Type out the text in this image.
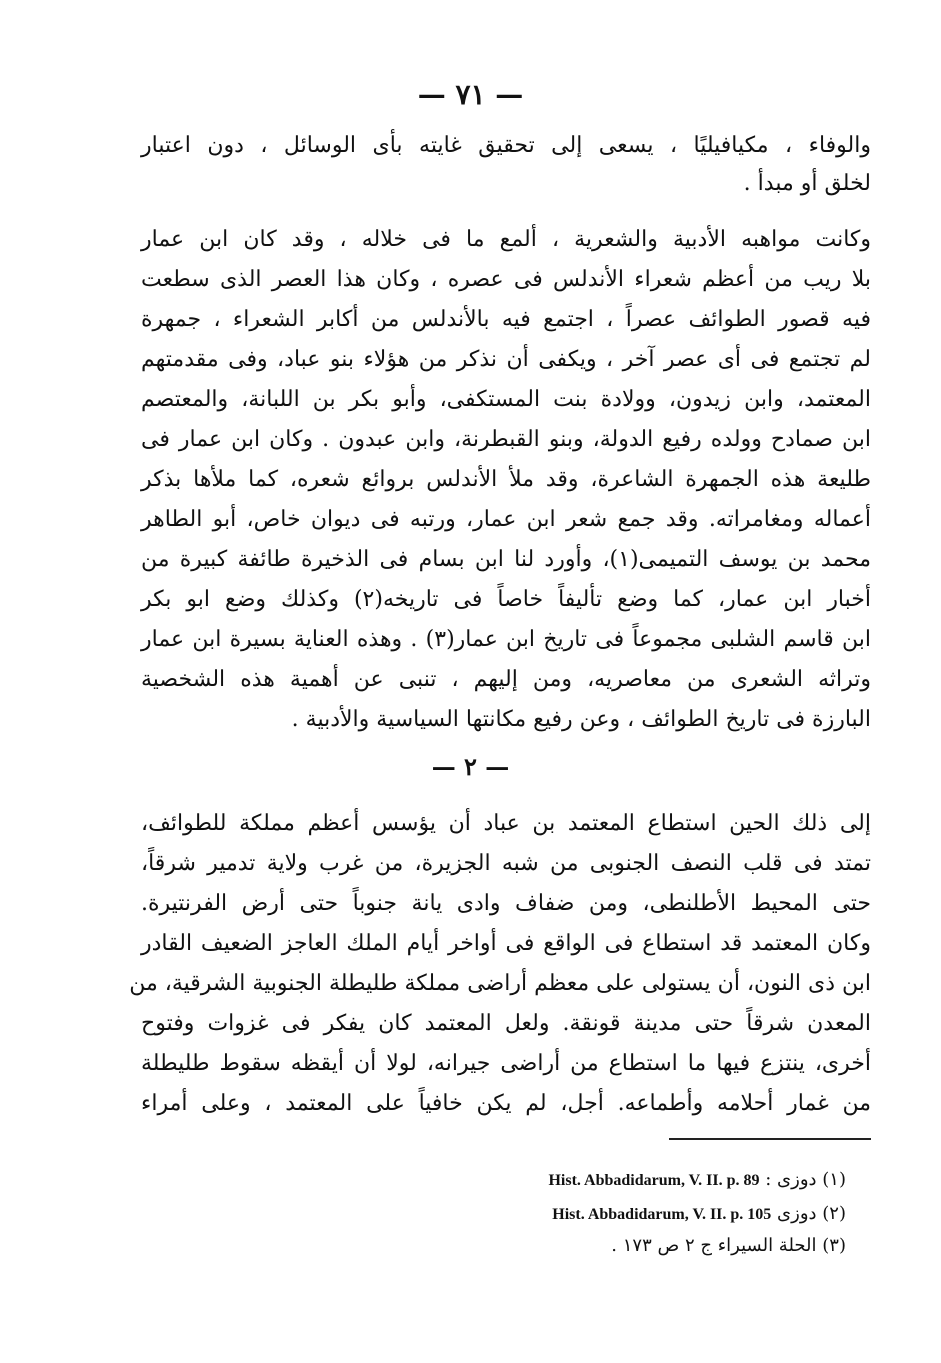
— ٧١ —
والوفاء ، مكيافيليًا ، يسعى إلى تحقيق غايته بأى الوسائل ، دون اعتبار
لخلق أو مبدأ .
وكانت مواهبه الأدبية والشعرية ، ألمع ما فى خلاله ، وقد كان ابن عمار
بلا ريب من أعظم شعراء الأندلس فى عصره ، وكان هذا العصر الذى سطعت
فيه قصور الطوائف عصراً ، اجتمع فيه بالأندلس من أكابر الشعراء ، جمهرة
لم تجتمع فى أى عصر آخر ، ويكفى أن نذكر من هؤلاء بنو عباد، وفى مقدمتهم
المعتمد، وابن زيدون، وولادة بنت المستكفى، وأبو بكر بن اللبانة، والمعتصم
ابن صمادح وولده رفيع الدولة، وبنو القبطرنة، وابن عبدون . وكان ابن عمار فى
طليعة هذه الجمهرة الشاعرة، وقد ملأ الأندلس بروائع شعره، كما ملأها بذكر
أعماله ومغامراته. وقد جمع شعر ابن عمار، ورتبه فى ديوان خاص، أبو الطاهر
محمد بن يوسف التميمى(١)، وأورد لنا ابن بسام فى الذخيرة طائفة كبيرة من
أخبار ابن عمار، كما وضع تأليفاً خاصاً فى تاريخه(٢) وكذلك وضع ابو بكر
ابن قاسم الشلبى مجموعاً فى تاريخ ابن عمار(٣) . وهذه العناية بسيرة ابن عمار
وتراثه الشعرى من معاصريه، ومن إليهم ، تنبى عن أهمية هذه الشخصية
البارزة فى تاريخ الطوائف ، وعن رفيع مكانتها السياسية والأدبية .
— ٢ —
إلى ذلك الحين استطاع المعتمد بن عباد أن يؤسس أعظم مملكة للطوائف،
تمتد فى قلب النصف الجنوبى من شبه الجزيرة، من غرب ولاية تدمير شرقاً،
حتى المحيط الأطلنطى، ومن ضفاف وادى يانة جنوباً حتى أرض الفرنتيرة.
وكان المعتمد قد استطاع فى الواقع فى أواخر أيام الملك العاجز الضعيف القادر
ابن ذى النون، أن يستولى على معظم أراضى مملكة طليطلة الجنوبية الشرقية، من
المعدن شرقاً حتى مدينة قونقة. ولعل المعتمد كان يفكر فى غزوات وفتوح
أخرى، ينتزع فيها ما استطاع من أراضى جيرانه، لولا أن أيقظه سقوط طليطلة
من غمار أحلامه وأطماعه. أجل، لم يكن خافياً على المعتمد ، وعلى أمراء
(١) دوزى : Hist. Abbadidarum, V. II. p. 89
(٢) دوزى Hist. Abbadidarum, V. II. p. 105
(٣) الحلة السيراء ج ٢ ص ١٧٣ .
